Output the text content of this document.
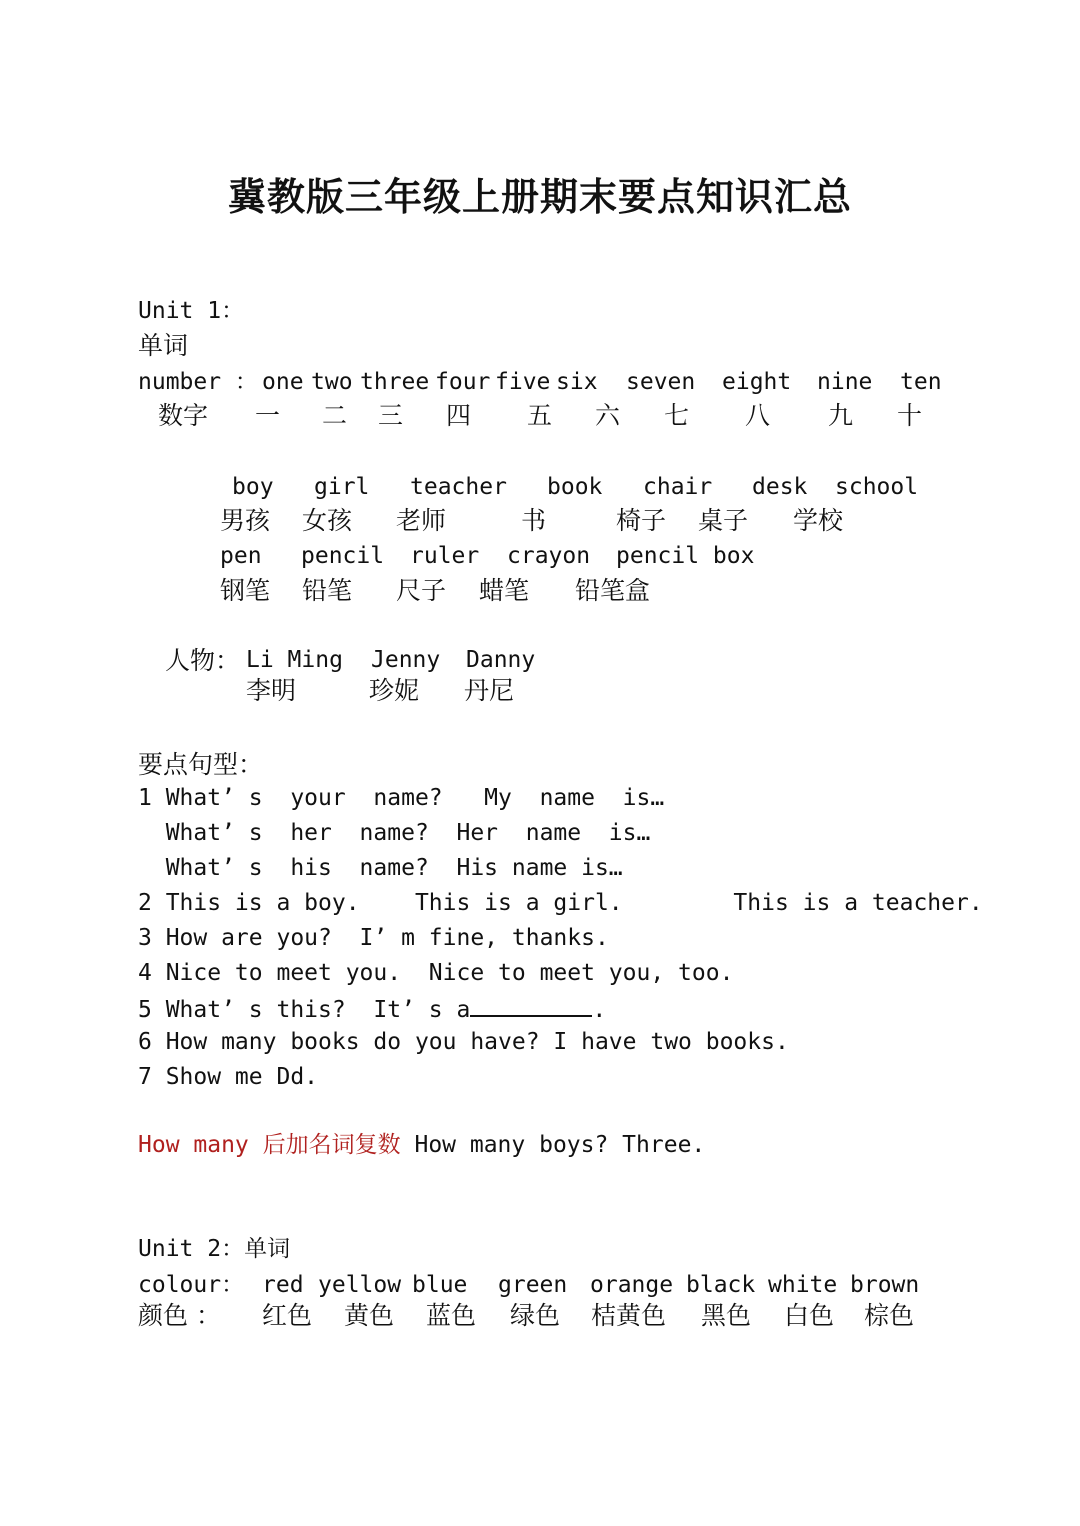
冀教版三年级上册期末要点知识汇总
Unit 1：
单词
number ： one two three four five six seven eight nine ten
数字 一 二 三 四 五 六 七 八 九 十
boy girl teacher book chair desk school
男孩 女孩 老师	书	椅子 桌子 学校
pen pencil ruler crayon pencil box
钢笔 铅笔 尺子 蜡笔 铅笔盒
人物： Li Ming Jenny Danny
李明	珍妮 丹尼
要点句型：
1 What’ s  your  name?   My  name  is…
What’ s  her  name?  Her  name  is…
What’ s  his  name?  His name is…
2 This is a boy.    This is a girl.        This is a teacher.
3 How are you?  I’ m fine, thanks.
4 Nice to meet you.  Nice to meet you, too.
5 What’ s this?  It’ s a	.
6 How many books do you have? I have two books.
7 Show me Dd.
How many 后加名词复数 How many boys? Three.
Unit 2：单词
colour： red yellow blue green orange black white brown
颜色 ： 红色 黄色 蓝色 绿色 桔黄色 黑色 白色 棕色
